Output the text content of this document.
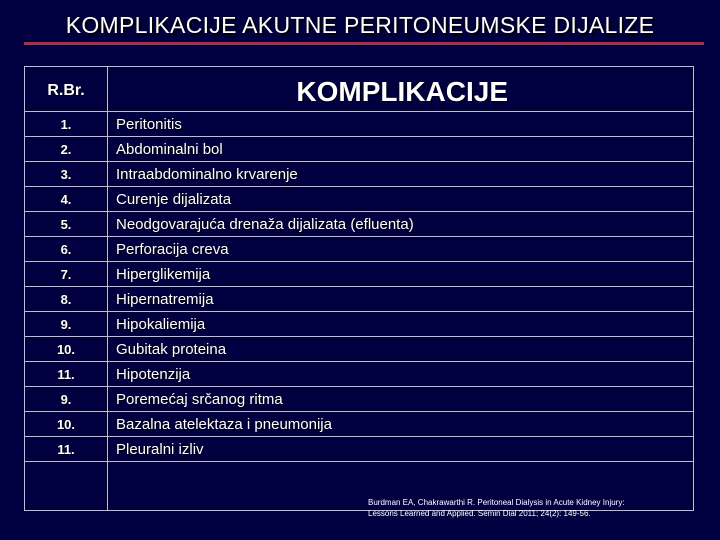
KOMPLIKACIJE AKUTNE PERITONEUMSKE DIJALIZE
R.Br.	KOMPLIKACIJE
1.	Peritonitis
2.	Abdominalni bol
3.	Intraabdominalno krvarenje
4.	Curenje dijalizata
5.	Neodgovarajuća drenaža dijalizata (efluenta)
6.	Perforacija creva
7.	Hiperglikemija
8.	Hipernatremija
9.	Hipokaliemija
10.	Gubitak proteina
11.	Hipotenzija
9.	Poremećaj srčanog ritma
10.	Bazalna atelektaza i pneumonija
11.	Pleuralni izliv

Burdman EA, Chakrawarthi R. Peritoneal Dialysis in Acute Kidney Injury:
Lessons Learned and Applied. Semin Dial 2011; 24(2): 149-56.
